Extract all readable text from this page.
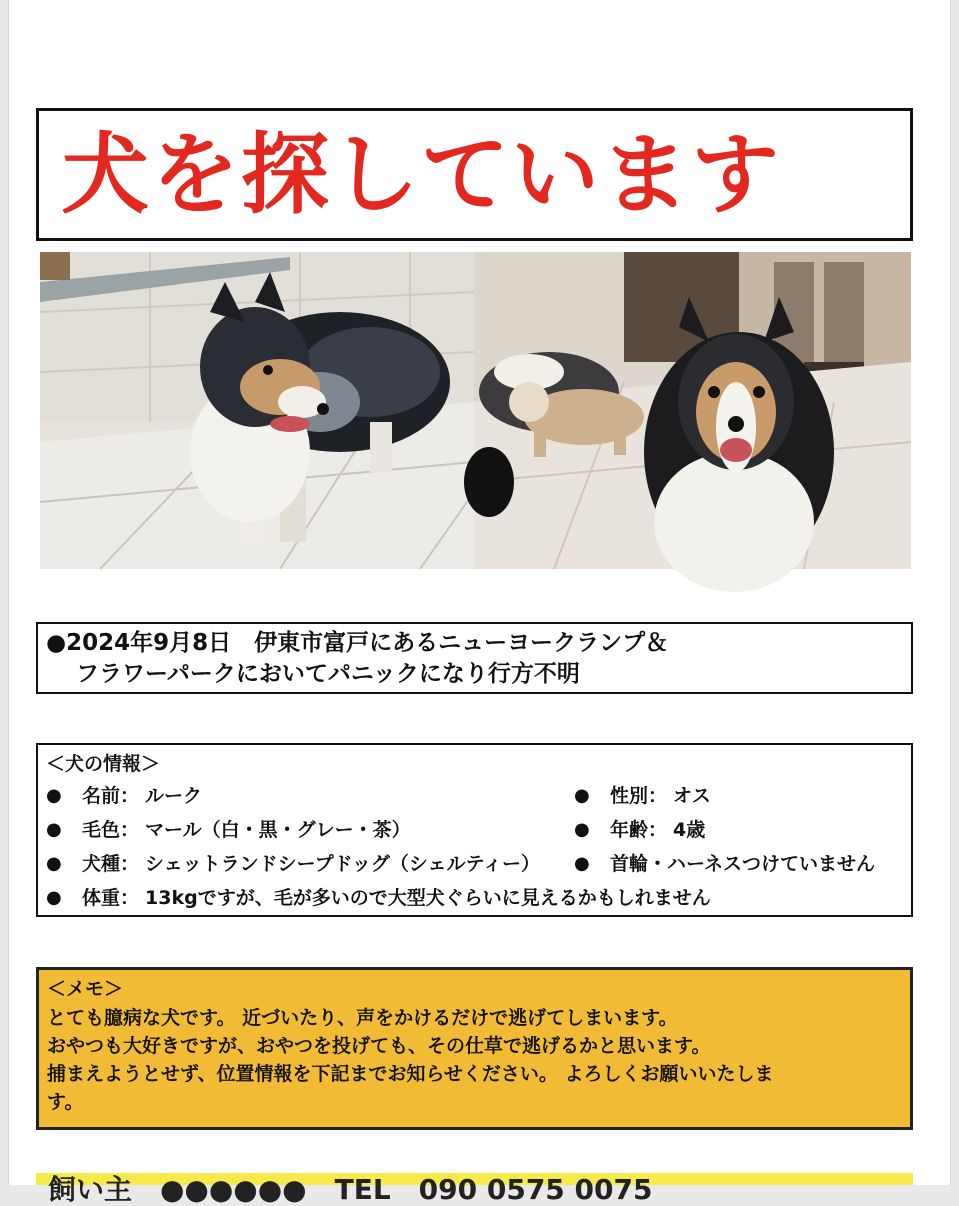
犬を探しています
●2024年9月8日　伊東市富戸にあるニューヨークランプ＆
フラワーパークにおいてパニックになり行方不明
＜犬の情報＞
●	名前： ルーク	●	性別： オス
●	毛色： マール（白・黒・グレー・茶）	●	年齢： 4歳
●	犬種： シェットランドシープドッグ（シェルティー） ●	首輪・ハーネスつけていません
●	体重： 13kgですが、毛が多いので大型犬ぐらいに見えるかもしれません
＜メモ＞
とても臆病な犬です。 近づいたり、声をかけるだけで逃げてしまいます。
おやつも大好きですが、おやつを投げても、その仕草で逃げるかと思います。
捕まえようとせず、位置情報を下記までお知らせください。 よろしくお願いいたしま
す。
飼い主　●●●●●●　TEL　090 0575 0075
